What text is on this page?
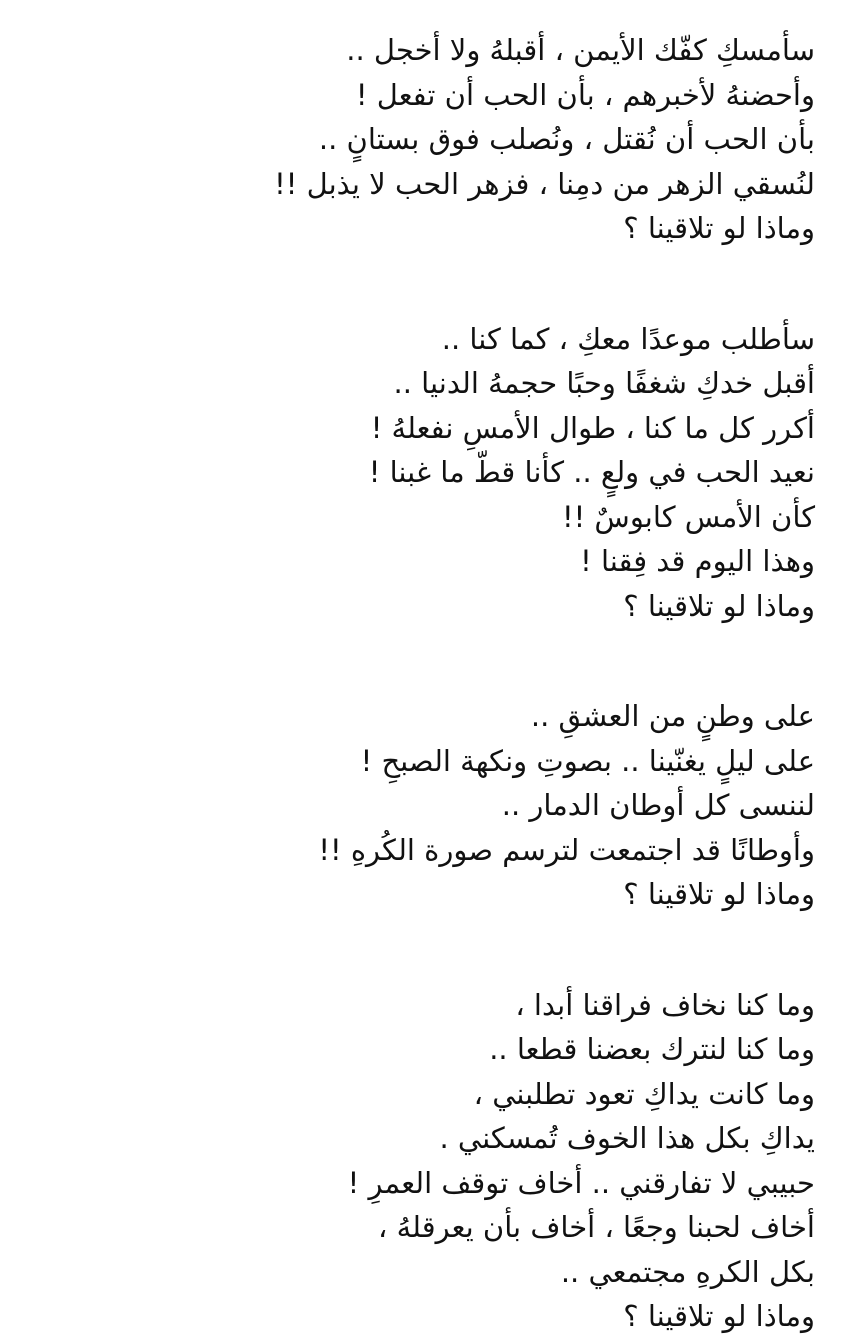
سأمسكِ كفّك الأيمن ، أقبلهُ ولا أخجل ..
وأحضنهُ لأخبرهم ، بأن الحب أن تفعل !
بأن الحب أن نُقتل ، ونُصلب فوق بستانٍ ..
لنُسقي الزهر من دمِنا ، فزهر الحب لا يذبل !!
وماذا لو تلاقينا ؟
سأطلب موعدًا معكِ ، كما كنا ..
أقبل خدكِ شغفًا وحبًا حجمهُ الدنيا ..
أكرر كل ما كنا ، طوال الأمسِ نفعلهُ !
نعيد الحب في ولعٍ .. كأنا قطّ ما غبنا !
كأن الأمس كابوسٌ !!
وهذا اليوم قد فِقنا !
وماذا لو تلاقينا ؟
على وطنٍ من العشقِ ..
على ليلٍ يغنّينا .. بصوتِ ونكهة الصبحِ !
لننسى كل أوطان الدمار ..
وأوطانًا قد اجتمعت لترسم صورة الكُرهِ !!
وماذا لو تلاقينا ؟
وما كنا نخاف فراقنا أبدا ،
وما كنا لنترك بعضنا قطعا ..
وما كانت يداكِ تعود تطلبني ،
يداكِ بكل هذا الخوف تُمسكني .
حبيبي لا تفارقني .. أخاف توقف العمرِ !
أخاف لحبنا وجعًا ، أخاف بأن يعرقلهُ ،
بكل الكرهِ مجتمعي ..
وماذا لو تلاقينا ؟
